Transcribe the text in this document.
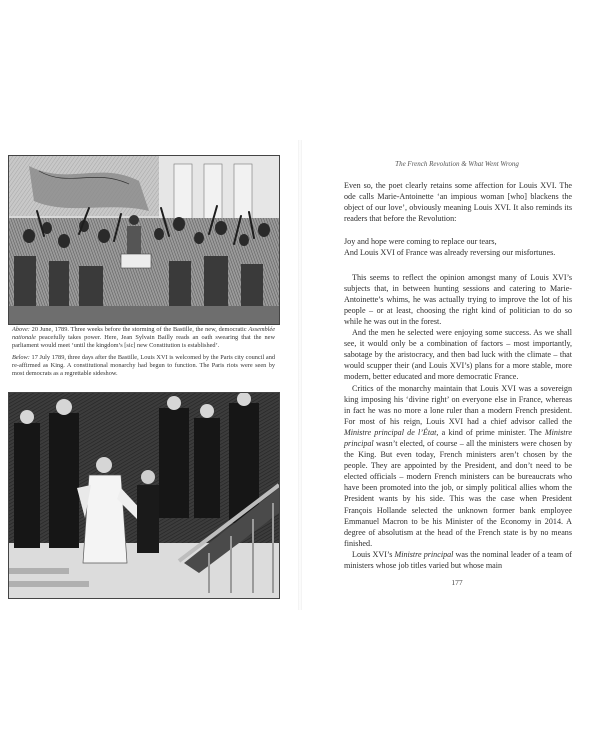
Above: 20 June, 1789. Three weeks before the storming of the Bastille, the new, democratic Assemblée nationale peacefully takes power. Here, Jean Sylvain Bailly reads an oath swearing that the new parliament would meet ‘until the kingdom’s [sic] new Constitution is established’.
Below: 17 July 1789, three days after the Bastille, Louis XVI is welcomed by the Paris city council and re-affirmed as King. A constitutional monarchy had begun to function. The Paris riots were seen by most democrats as a regrettable sideshow.
The French Revolution & What Went Wrong

Even so, the poet clearly retains some affection for Louis XVI. The ode calls Marie-Antoinette ‘an impious woman [who] blackens the object of our love’, obviously meaning Louis XVI. It also reminds its readers that before the Revolution:

Joy and hope were coming to replace our tears,
And Louis XVI of France was already reversing our misfortunes.

This seems to reflect the opinion amongst many of Louis XVI’s subjects that, in between hunting sessions and catering to Marie-Antoinette’s whims, he was actually trying to improve the lot of his people – or at least, choosing the right kind of politician to do so while he was out in the forest.

And the men he selected were enjoying some success. As we shall see, it would only be a combination of factors – most importantly, sabotage by the aristocracy, and then bad luck with the climate – that would scupper their (and Louis XVI’s) plans for a more stable, more modern, better educated and more democratic France.

Critics of the monarchy maintain that Louis XVI was a sovereign king imposing his ‘divine right’ on everyone else in France, whereas in fact he was no more a lone ruler than a modern French president. For most of his reign, Louis XVI had a chief advisor called the Ministre principal de l’État, a kind of prime minister. The Ministre principal wasn’t elected, of course – all the ministers were chosen by the King. But even today, French ministers aren’t chosen by the people. They are appointed by the President, and don’t need to be elected officials – modern French ministers can be bureaucrats who have been promoted into the job, or simply political allies whom the President wants by his side. This was the case when President François Hollande selected the unknown former bank employee Emmanuel Macron to be his Minister of the Economy in 2014. A degree of absolutism at the head of the French state is by no means finished.

Louis XVI’s Ministre principal was the nominal leader of a team of ministers whose job titles varied but whose main

177
